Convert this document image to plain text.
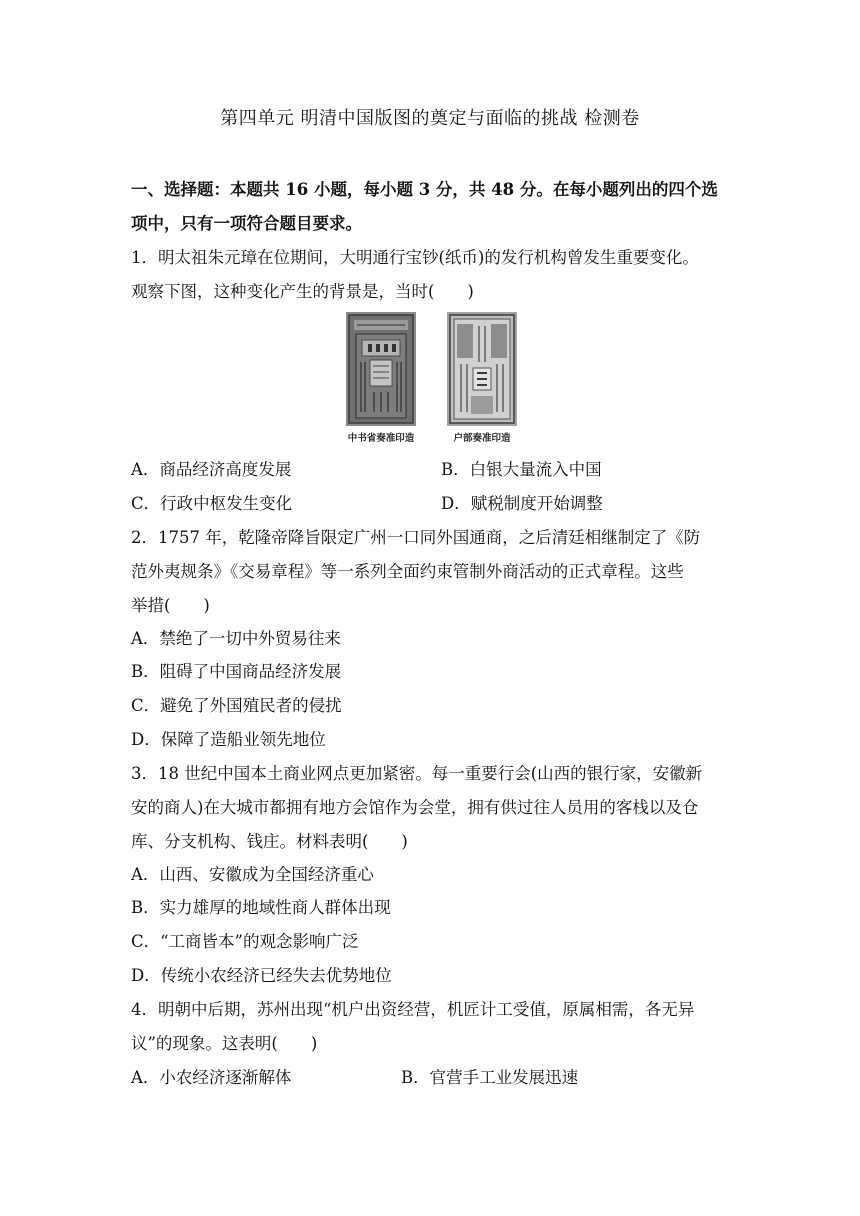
第四单元 明清中国版图的奠定与面临的挑战 检测卷
一、选择题：本题共 16 小题，每小题 3 分，共 48 分。在每小题列出的四个选
项中，只有一项符合题目要求。
1．明太祖朱元璋在位期间，大明通行宝钞(纸币)的发行机构曾发生重要变化。
观察下图，这种变化产生的背景是，当时(　　)
中书省奏准印造	户部奏准印造
A．商品经济高度发展	B．白银大量流入中国
C．行政中枢发生变化	D．赋税制度开始调整
2．1757 年，乾隆帝降旨限定广州一口同外国通商，之后清廷相继制定了《防
范外夷规条》《交易章程》等一系列全面约束管制外商活动的正式章程。这些
举措(　　)
A．禁绝了一切中外贸易往来
B．阻碍了中国商品经济发展
C．避免了外国殖民者的侵扰
D．保障了造船业领先地位
3．18 世纪中国本土商业网点更加紧密。每一重要行会(山西的银行家，安徽新
安的商人)在大城市都拥有地方会馆作为会堂，拥有供过往人员用的客栈以及仓
库、分支机构、钱庄。材料表明(　　)
A．山西、安徽成为全国经济重心
B．实力雄厚的地域性商人群体出现
C．“工商皆本”的观念影响广泛
D．传统小农经济已经失去优势地位
4．明朝中后期，苏州出现“机户出资经营，机匠计工受值，原属相需，各无异
议”的现象。这表明(　　)
A．小农经济逐渐解体	B．官营手工业发展迅速
